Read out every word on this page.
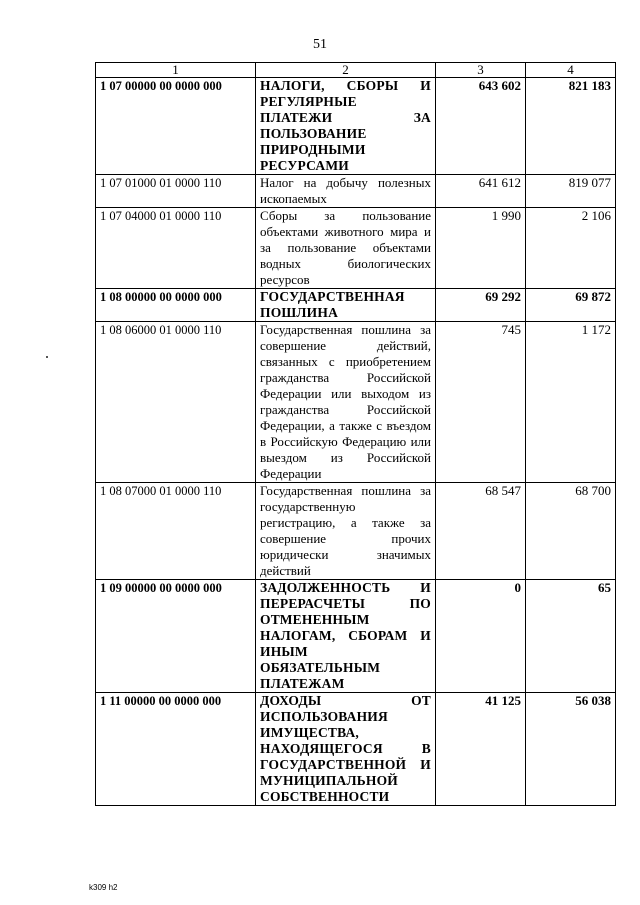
51
1	2	3	4
1 07 00000 00 0000 000	НАЛОГИ, СБОРЫ И РЕГУЛЯРНЫЕ ПЛАТЕЖИ ЗА ПОЛЬЗОВАНИЕ ПРИРОДНЫМИ РЕСУРСАМИ	643 602	821 183
1 07 01000 01 0000 110	Налог на добычу полезных ископаемых	641 612	819 077
1 07 04000 01 0000 110	Сборы за пользование объектами животного мира и за пользование объектами водных биологических ресурсов	1 990	2 106
1 08 00000 00 0000 000	ГОСУДАРСТВЕННАЯ ПОШЛИНА	69 292	69 872
1 08 06000 01 0000 110	Государственная пошлина за совершение действий, связанных с приобретением гражданства Российской Федерации или выходом из гражданства Российской Федерации, а также с въездом в Российскую Федерацию или выездом из Российской Федерации	745	1 172
1 08 07000 01 0000 110	Государственная пошлина за государственную регистрацию, а также за совершение прочих юридически значимых действий	68 547	68 700
1 09 00000 00 0000 000	ЗАДОЛЖЕННОСТЬ И ПЕРЕРАСЧЕТЫ ПО ОТМЕНЕННЫМ НАЛОГАМ, СБОРАМ И ИНЫМ ОБЯЗАТЕЛЬНЫМ ПЛАТЕЖАМ	0	65
1 11 00000 00 0000 000	ДОХОДЫ ОТ ИСПОЛЬЗОВАНИЯ ИМУЩЕСТВА, НАХОДЯЩЕГОСЯ В ГОСУДАРСТВЕННОЙ И МУНИЦИПАЛЬНОЙ СОБСТВЕННОСТИ	41 125	56 038
k309 h2
